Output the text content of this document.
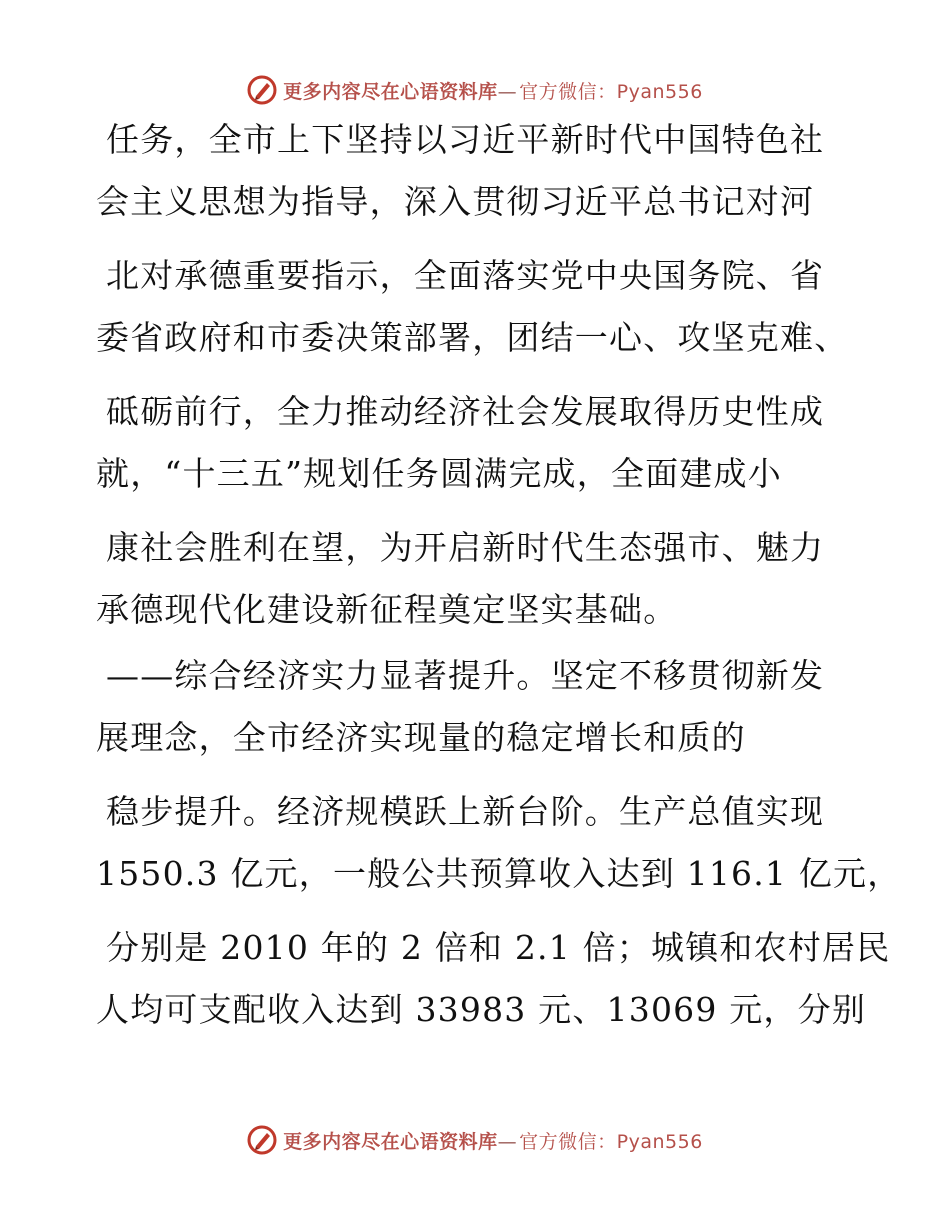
更多内容尽在心语资料库— 官方微信：Pyan556
任务，全市上下坚持以习近平新时代中国特色社
会主义思想为指导，深入贯彻习近平总书记对河
北对承德重要指示，全面落实党中央国务院、省
委省政府和市委决策部署，团结一心、攻坚克难、
砥砺前行，全力推动经济社会发展取得历史性成
就，“十三五”规划任务圆满完成，全面建成小
康社会胜利在望，为开启新时代生态强市、魅力
承德现代化建设新征程奠定坚实基础。
——综合经济实力显著提升。坚定不移贯彻新发
展理念，全市经济实现量的稳定增长和质的
稳步提升。经济规模跃上新台阶。生产总值实现
1550.3 亿元，一般公共预算收入达到 116.1 亿元，
分别是 2010 年的 2 倍和 2.1 倍；城镇和农村居民
人均可支配收入达到 33983 元、13069 元，分别
更多内容尽在心语资料库— 官方微信：Pyan556
